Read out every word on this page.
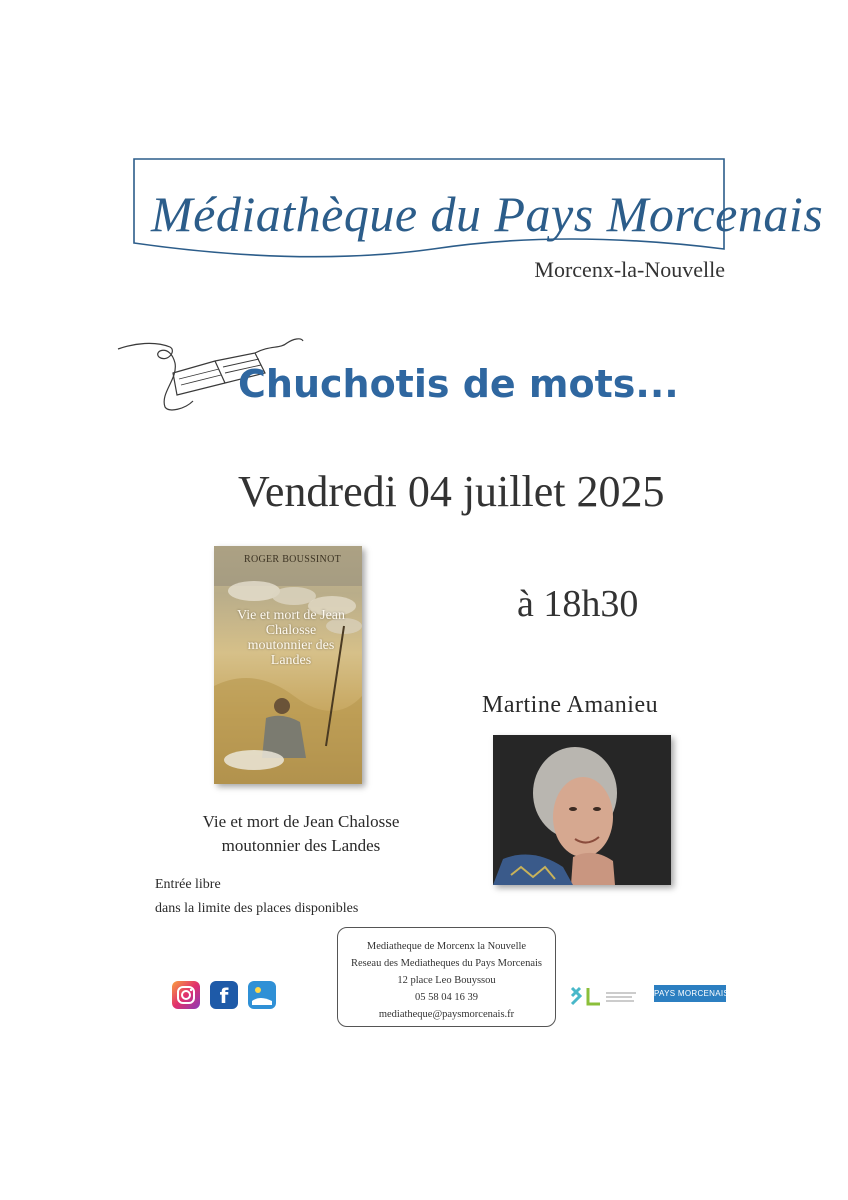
Médiathèque du Pays Morcenais
Morcenx-la-Nouvelle
Chuchotis de mots...
Vendredi 04 juillet 2025
à 18h30
ROGER BOUSSINOT
Vie et mort de Jean Chalosse moutonnier des Landes
Vie et mort de Jean Chalosse
moutonnier des Landes
Martine Amanieu
Entrée libre
dans la limite des places disponibles
Mediatheque de Morcenx la Nouvelle
Reseau des Mediatheques du Pays Morcenais
12 place Leo Bouyssou
05 58 04 16 39
mediatheque@paysmorcenais.fr
f	PAYS MORCENAIS
